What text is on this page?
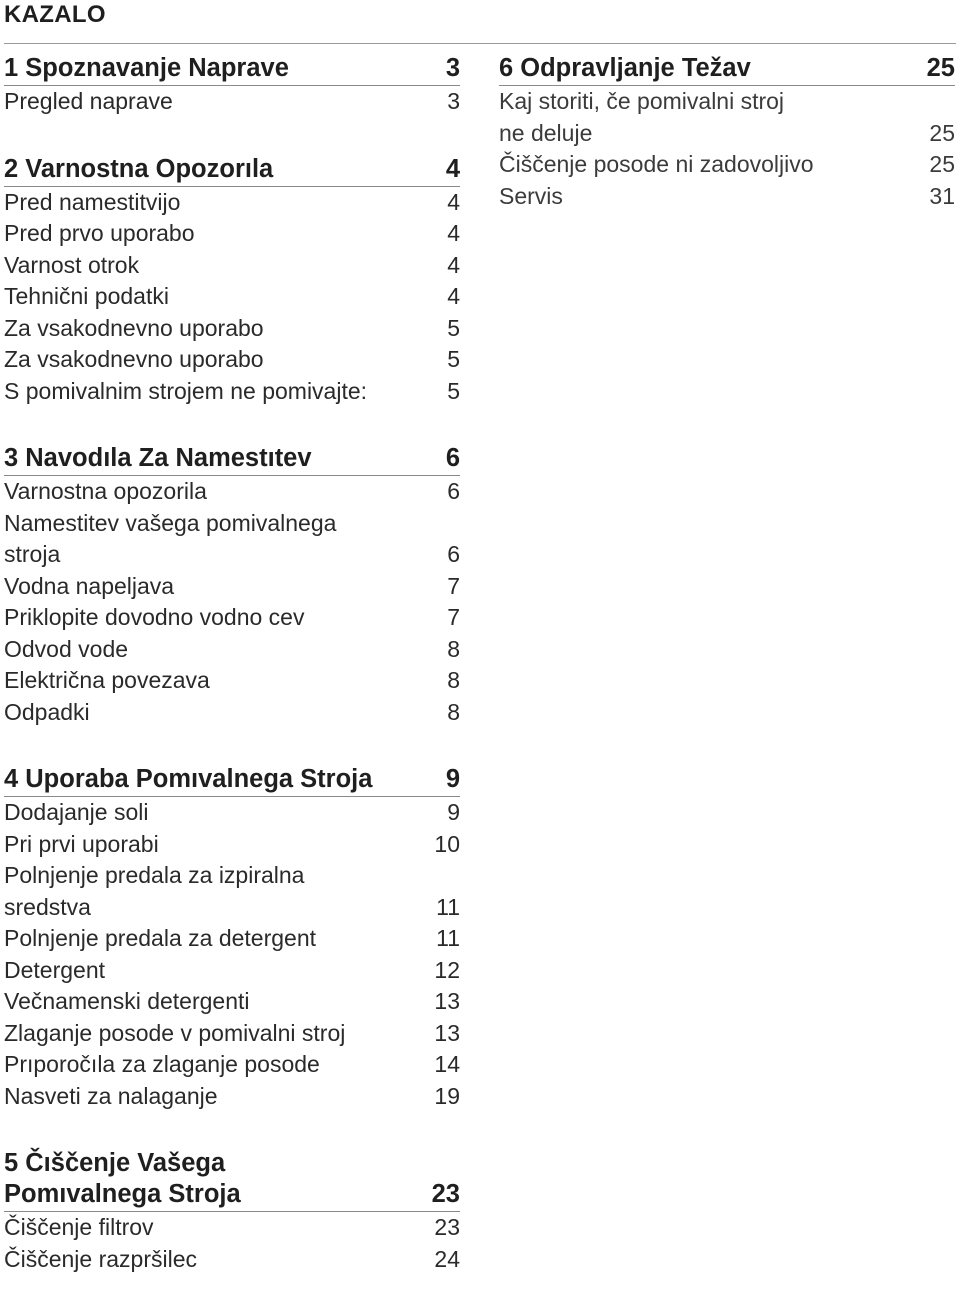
KAZALO
1 Spoznavanje Naprave	3
Pregled naprave	3
2 Varnostna Opozorıla	4
Pred namestitvijo	4
Pred prvo uporabo	4
Varnost otrok	4
Tehnični podatki	4
Za vsakodnevno uporabo	5
Za vsakodnevno uporabo	5
S pomivalnim strojem ne pomivajte:	5
3 Navodıla Za Namestıtev	6
Varnostna opozorila	6
Namestitev vašega pomivalnega
stroja	6
Vodna napeljava	7
Priklopite dovodno vodno cev	7
Odvod vode	8
Električna povezava	8
Odpadki	8
4 Uporaba Pomıvalnega Stroja	9
Dodajanje soli	9
Pri prvi uporabi	10
Polnjenje predala za izpiralna
sredstva	11
Polnjenje predala za detergent	11
Detergent	12
Večnamenski detergenti	13
Zlaganje posode v pomivalni stroj	13
Prıporočıla za zlaganje posode	14
Nasveti za nalaganje	19
5 Čıščenje Vašega
Pomıvalnega Stroja	23
Čiščenje filtrov	23
Čiščenje razpršilec	24
6 Odpravljanje Težav	25
Kaj storiti, če pomivalni stroj
ne deluje	25
Čiščenje posode ni zadovoljivo	25
Servis	31
